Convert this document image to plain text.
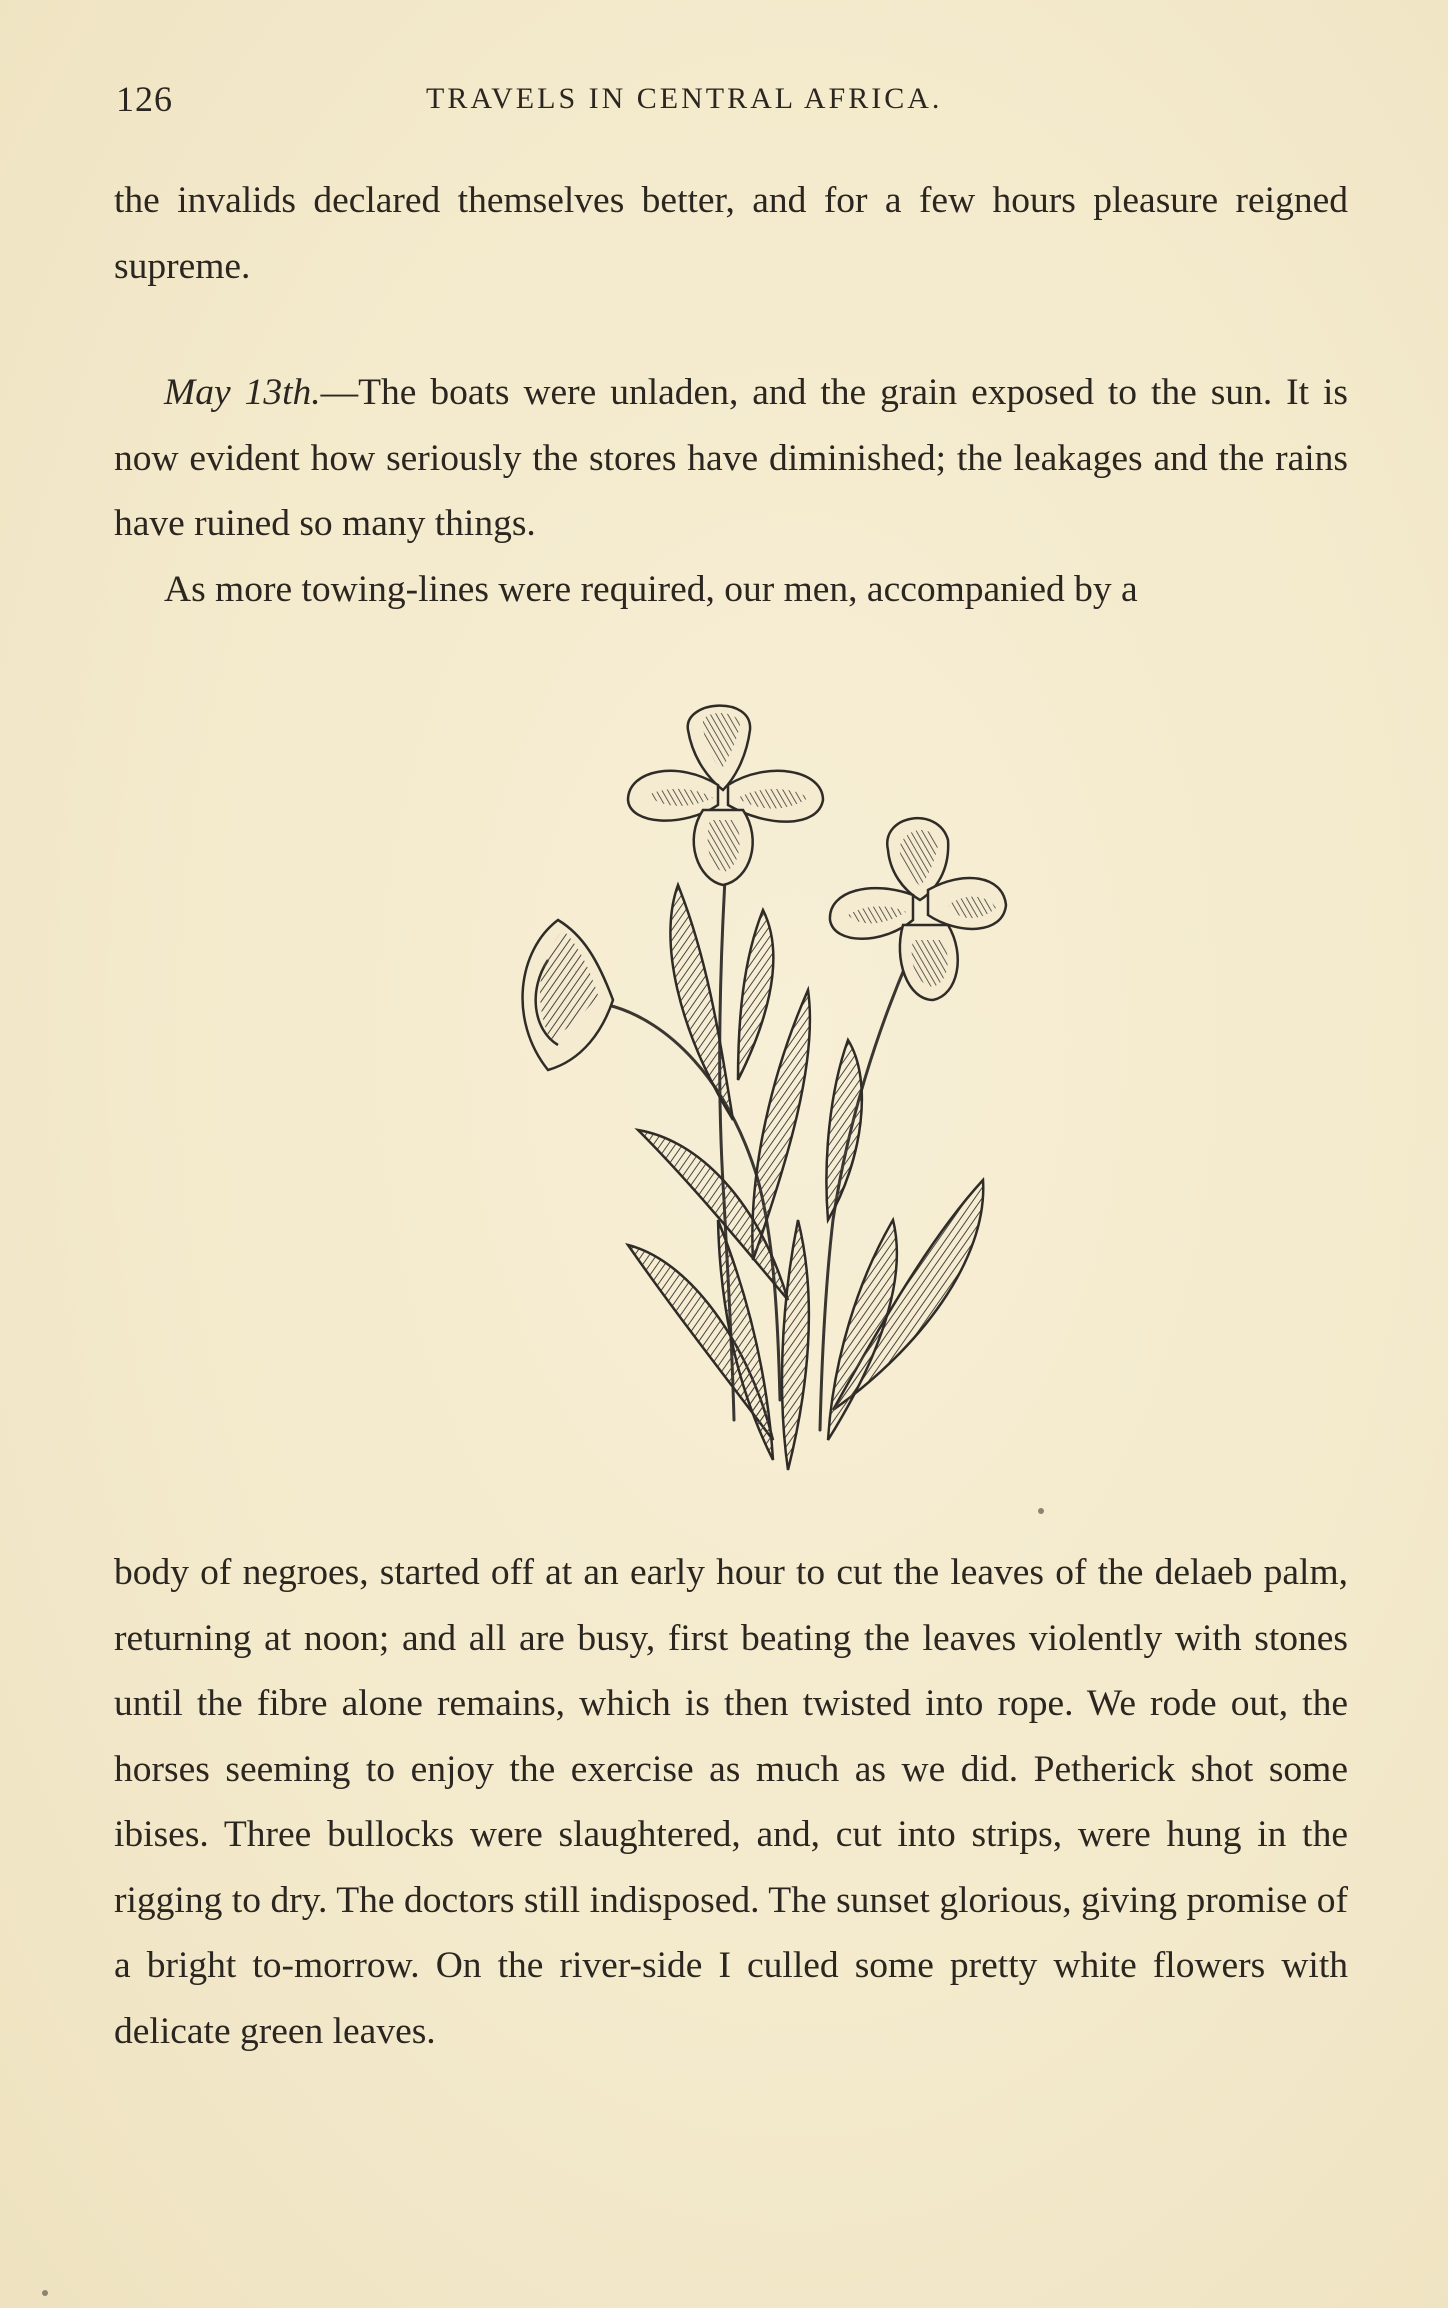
126	TRAVELS IN CENTRAL AFRICA.

the invalids declared themselves better, and for a few hours pleasure reigned supreme.

May 13th.—The boats were unladen, and the grain exposed to the sun. It is now evident how seriously the stores have diminished; the leakages and the rains have ruined so many things.

As more towing-lines were required, our men, accompanied by a

body of negroes, started off at an early hour to cut the leaves of the delaeb palm, returning at noon; and all are busy, first beating the leaves violently with stones until the fibre alone remains, which is then twisted into rope. We rode out, the horses seeming to enjoy the exercise as much as we did. Petherick shot some ibises. Three bullocks were slaughtered, and, cut into strips, were hung in the rigging to dry. The doctors still indisposed. The sunset glorious, giving promise of a bright to-morrow. On the river-side I culled some pretty white flowers with delicate green leaves.
